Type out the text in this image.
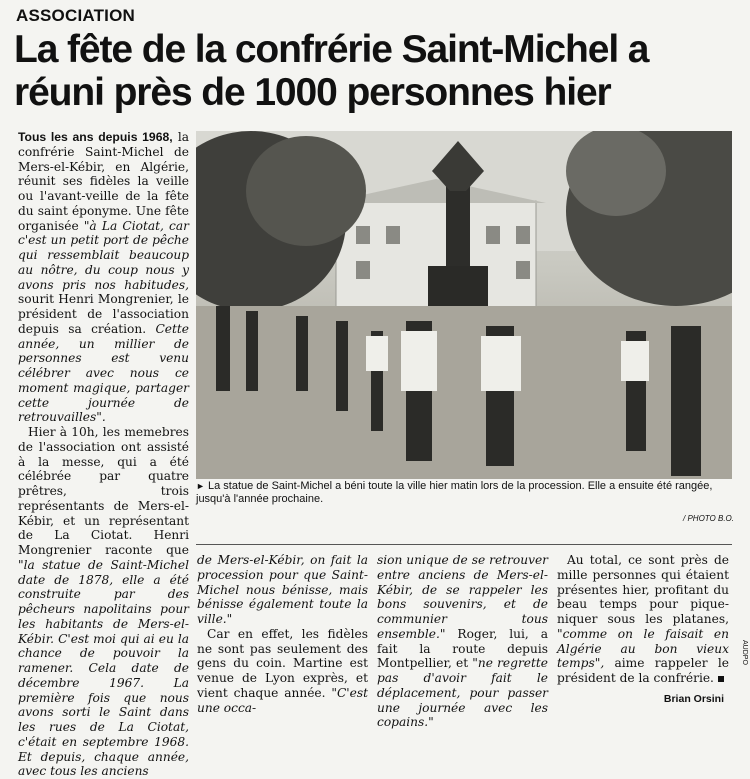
ASSOCIATION
La fête de la confrérie Saint-Michel a réuni près de 1000 personnes hier

Tous les ans depuis 1968, la confrérie Saint-Michel de Mers-el-Kébir, en Algérie, réunit ses fidèles la veille ou l'avant-veille de la fête du saint éponyme. Une fête organisée "à La Ciotat, car c'est un petit port de pêche qui ressemblait beaucoup au nôtre, du coup nous y avons pris nos habitudes, sourit Henri Mongrenier, le président de l'association depuis sa création. Cette année, un millier de personnes est venu célébrer avec nous ce moment magique, partager cette journée de retrouvailles".

Hier à 10h, les memebres de l'association ont assisté à la messe, qui a été célébrée par quatre prêtres, trois représentants de Mers-el-Kébir, et un représentant de La Ciotat. Henri Mongrenier raconte que "la statue de Saint-Michel date de 1878, elle a été construite par des pêcheurs napolitains pour les habitants de Mers-el-Kébir. C'est moi qui ai eu la chance de pouvoir la ramener. Cela date de décembre 1967. La première fois que nous avons sorti le Saint dans les rues de La Ciotat, c'était en septembre 1968. Et depuis, chaque année, avec tous les anciens

► La statue de Saint-Michel a béni toute la ville hier matin lors de la procession. Elle a ensuite été rangée, jusqu'à l'année prochaine.
/ PHOTO B.O.

de Mers-el-Kébir, on fait la procession pour que Saint-Michel nous bénisse, mais bénisse également toute la ville."

Car en effet, les fidèles ne sont pas seulement des gens du coin. Martine est venue de Lyon exprès, et vient chaque année. "C'est une occa-

sion unique de se retrouver entre anciens de Mers-el-Kébir, de se rappeler les bons souvenirs, et de communier tous ensemble." Roger, lui, a fait la route depuis Montpellier, et "ne regrette pas d'avoir fait le déplacement, pour passer une journée avec les copains."

Au total, ce sont près de mille personnes qui étaient présentes hier, profitant du beau temps pour pique-niquer sous les platanes, "comme on le faisait en Algérie au bon vieux temps", aime rappeler le président de la confrérie.

Brian Orsini
AUDPO
